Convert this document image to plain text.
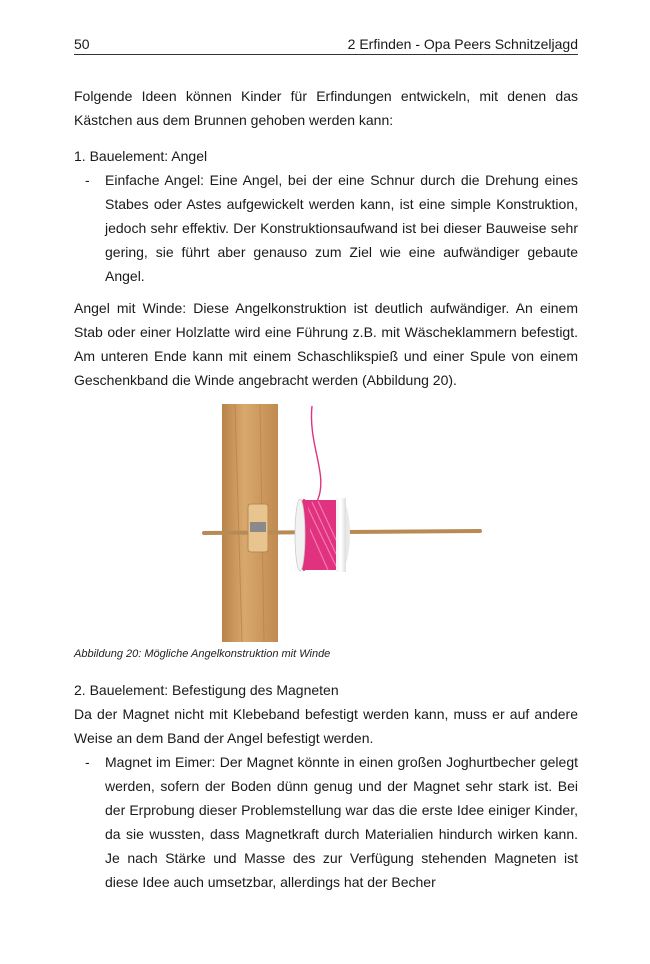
50	2 Erfinden - Opa Peers Schnitzeljagd
Folgende Ideen können Kinder für Erfindungen entwickeln, mit denen das Kästchen aus dem Brunnen gehoben werden kann:
1. Bauelement: Angel
- Einfache Angel: Eine Angel, bei der eine Schnur durch die Drehung eines Stabes oder Astes aufgewickelt werden kann, ist eine simple Konstruktion, jedoch sehr effektiv. Der Konstruktionsaufwand ist bei dieser Bauweise sehr gering, sie führt aber genauso zum Ziel wie eine aufwändiger gebaute Angel.
Angel mit Winde: Diese Angelkonstruktion ist deutlich aufwändiger. An einem Stab oder einer Holzlatte wird eine Führung z.B. mit Wäscheklammern befestigt. Am unteren Ende kann mit einem Schaschlikspieß und einer Spule von einem Geschenkband die Winde angebracht werden (Abbildung 20).
Abbildung 20: Mögliche Angelkonstruktion mit Winde
2. Bauelement: Befestigung des Magneten
Da der Magnet nicht mit Klebeband befestigt werden kann, muss er auf andere Weise an dem Band der Angel befestigt werden.
- Magnet im Eimer: Der Magnet könnte in einen großen Joghurtbecher gelegt werden, sofern der Boden dünn genug und der Magnet sehr stark ist. Bei der Erprobung dieser Problemstellung war das die erste Idee einiger Kinder, da sie wussten, dass Magnetkraft durch Materialien hindurch wirken kann. Je nach Stärke und Masse des zur Verfügung stehenden Magneten ist diese Idee auch umsetzbar, allerdings hat der Becher
